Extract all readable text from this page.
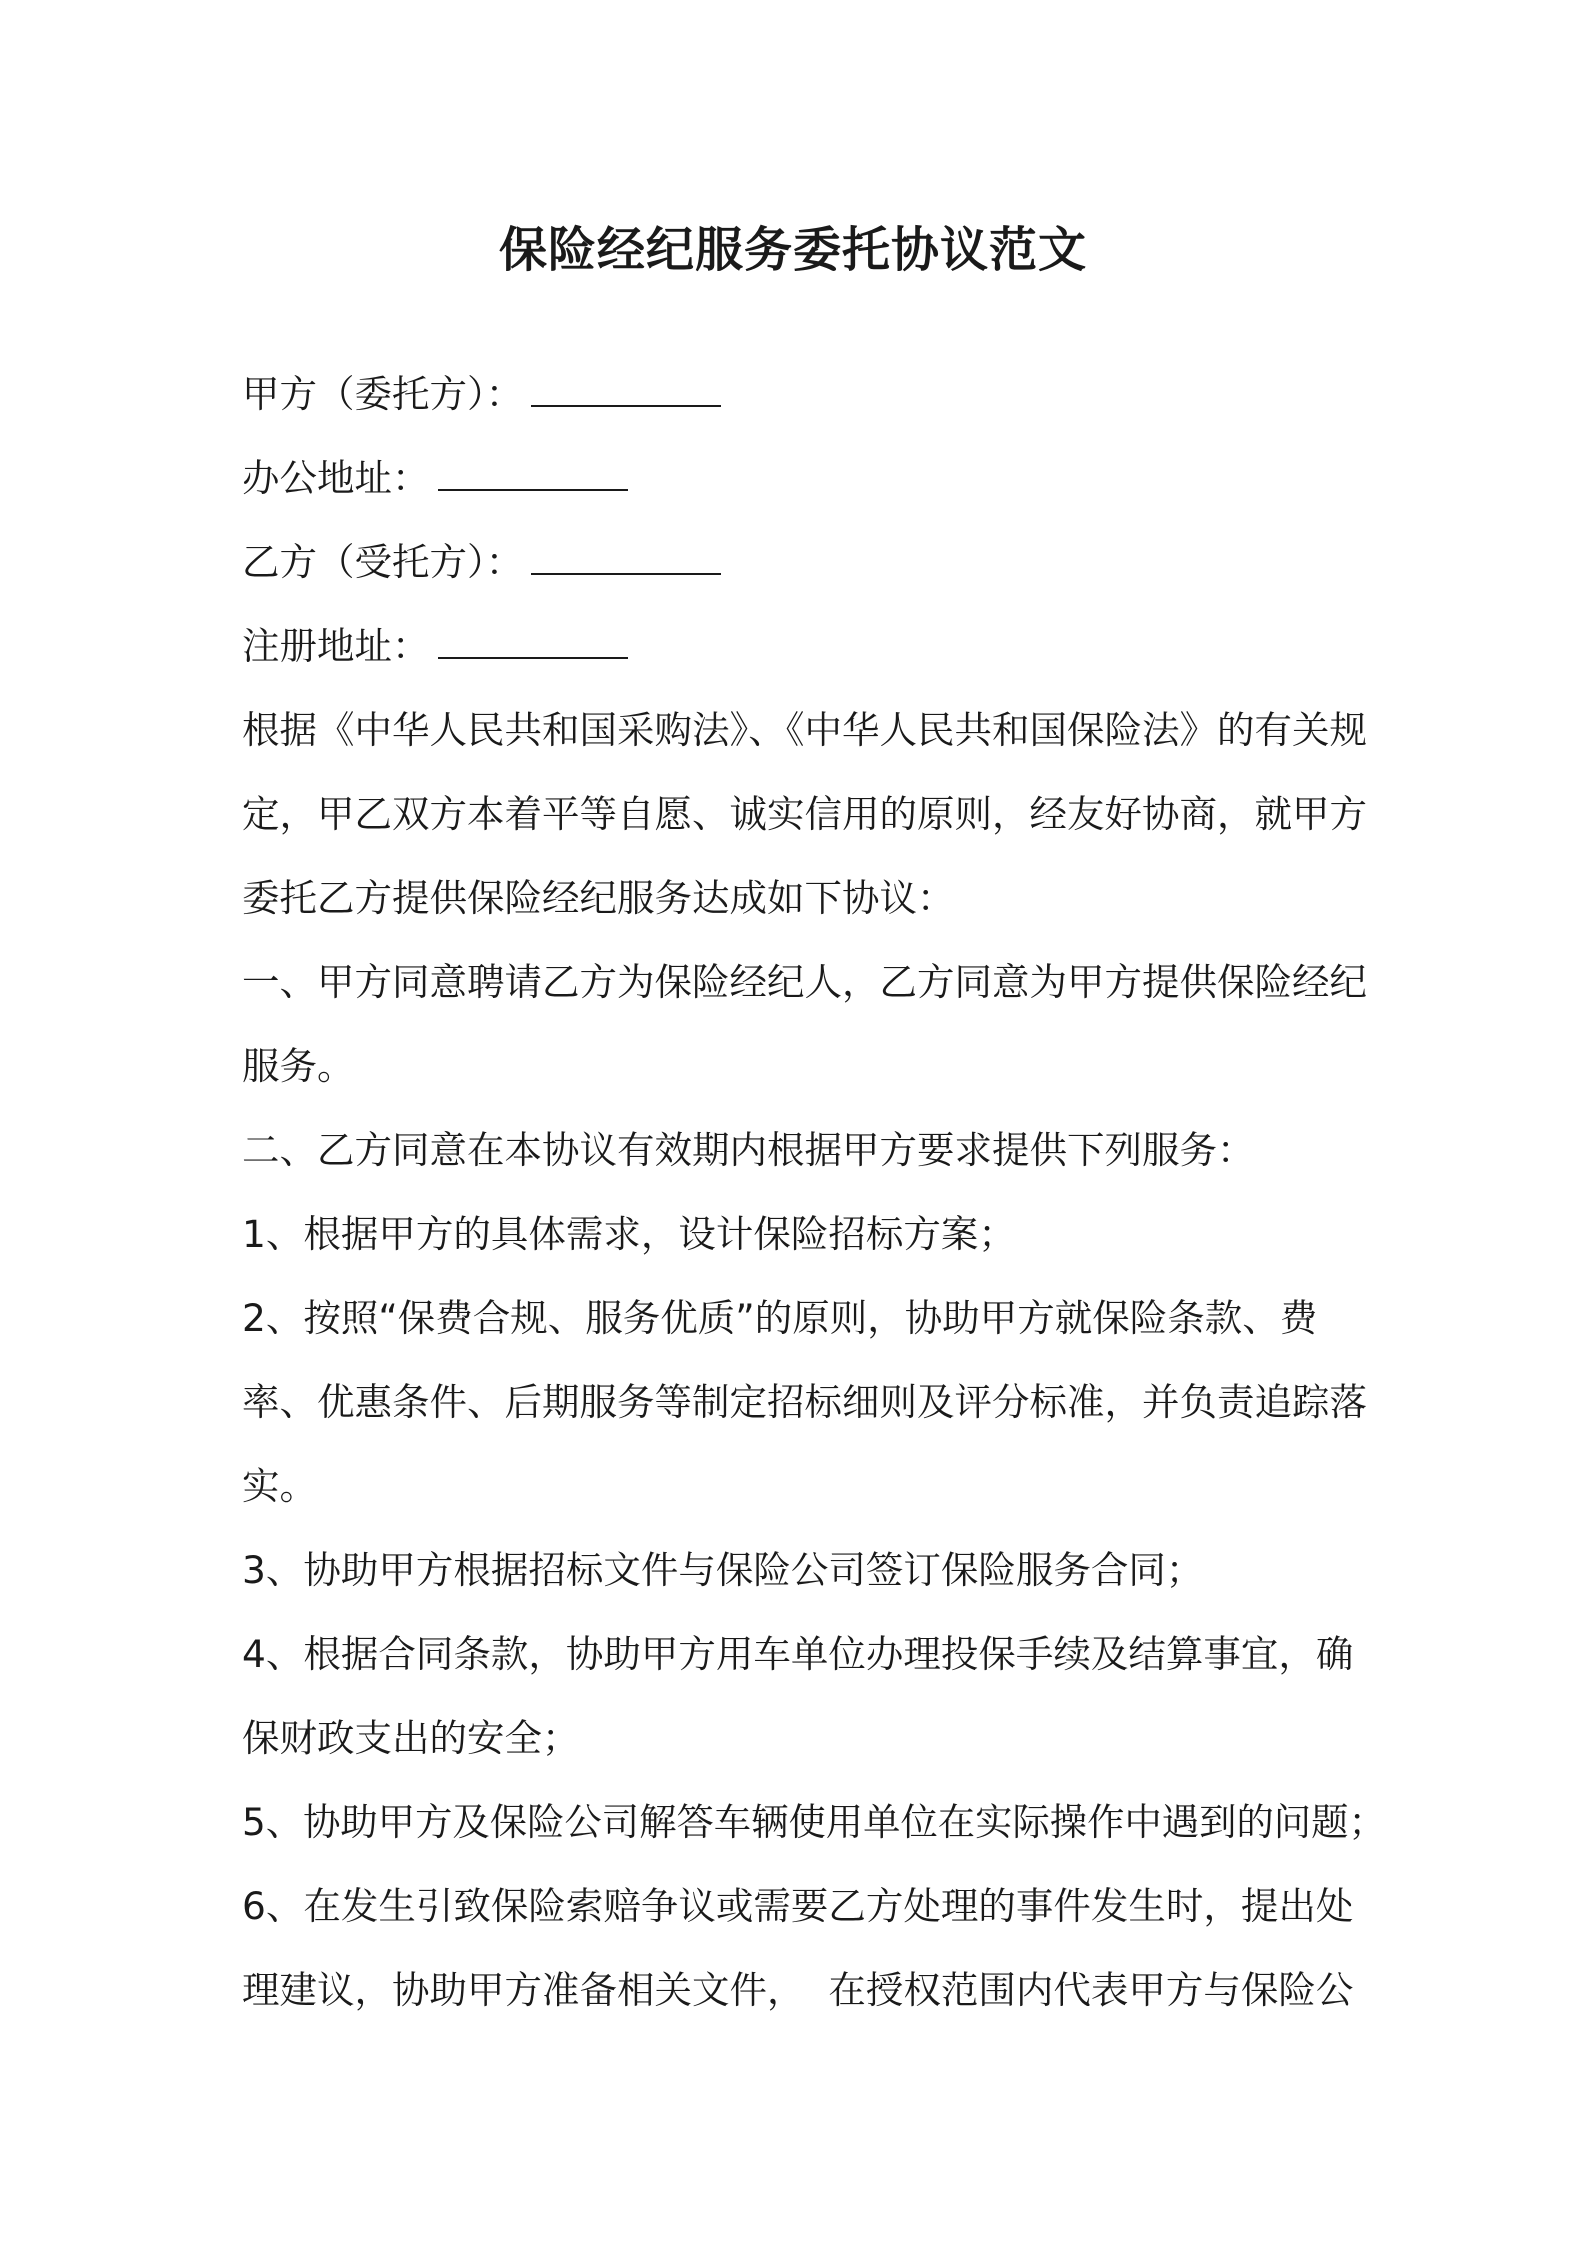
保险经纪服务委托协议范文
甲方（委托方）：
办公地址：
乙方（受托方）：
注册地址：
根据《中华人民共和国采购法》、《中华人民共和国保险法》的有关规
定，甲乙双方本着平等自愿、诚实信用的原则，经友好协商，就甲方
委托乙方提供保险经纪服务达成如下协议：
一、甲方同意聘请乙方为保险经纪人，乙方同意为甲方提供保险经纪
服务。
二、乙方同意在本协议有效期内根据甲方要求提供下列服务：
1、根据甲方的具体需求，设计保险招标方案；
2、按照“保费合规、服务优质”的原则，协助甲方就保险条款、费
率、优惠条件、后期服务等制定招标细则及评分标准，并负责追踪落
实。
3、协助甲方根据招标文件与保险公司签订保险服务合同；
4、根据合同条款，协助甲方用车单位办理投保手续及结算事宜，确
保财政支出的安全；
5、协助甲方及保险公司解答车辆使用单位在实际操作中遇到的问题；
6、在发生引致保险索赔争议或需要乙方处理的事件发生时，提出处
理建议，协助甲方准备相关文件，  在授权范围内代表甲方与保险公
